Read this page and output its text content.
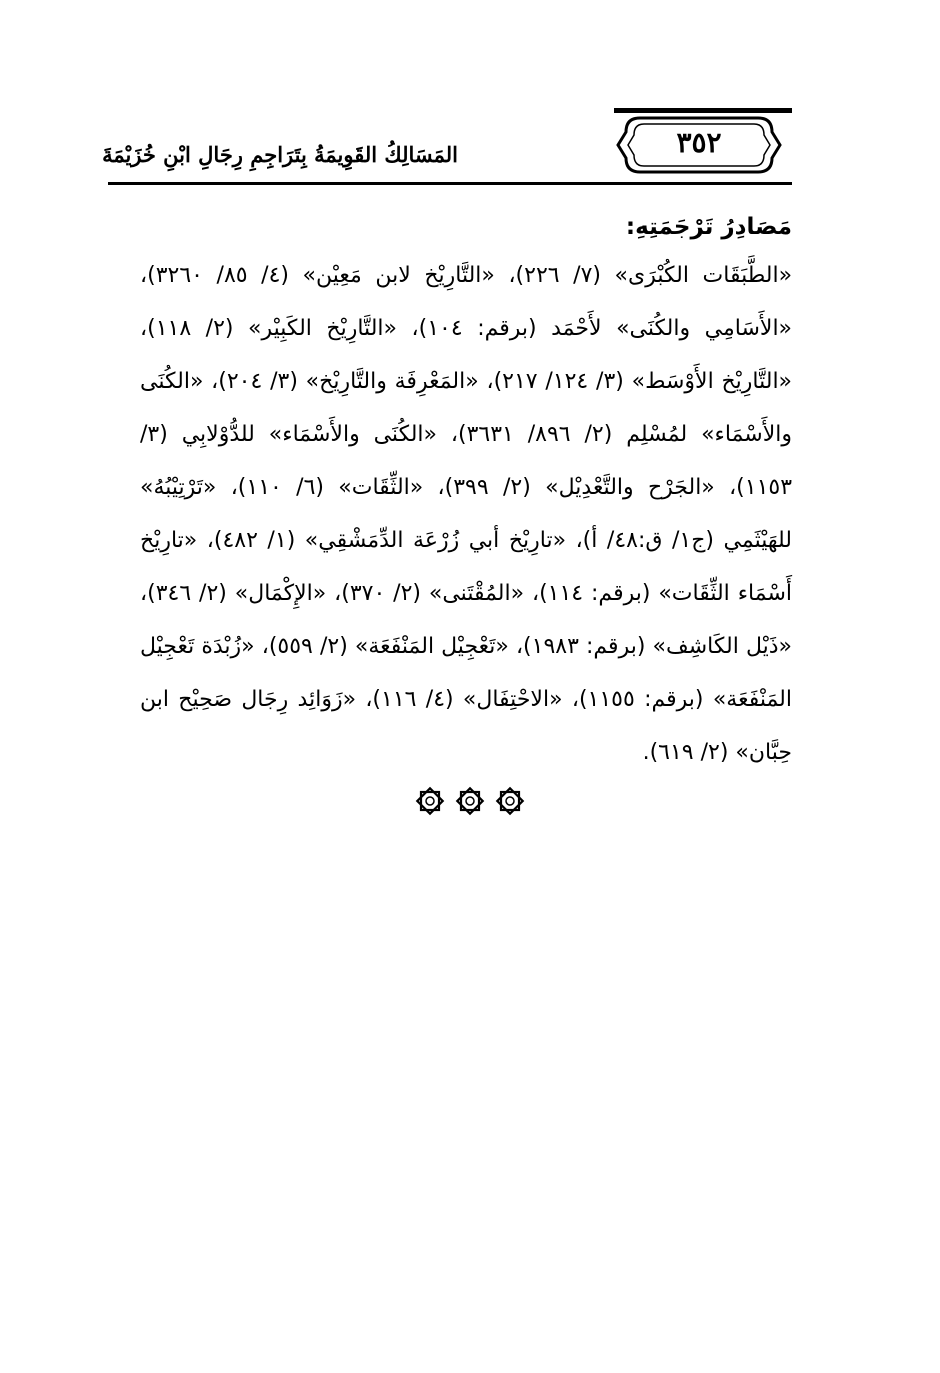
المَسَالِكُ القَوِيمَةُ بِتَرَاجِمِ رِجَالِ ابْنِ خُزَيْمَةَ	٣٥٢
مَصَادِرُ تَرْجَمَتِهِ:

«الطَّبَقَات الكُبْرَى» (٧/ ٢٢٦)، «التَّارِيْخ لابن مَعِيْن» (٤/ ٨٥/ ٣٢٦٠)، «الأَسَامِي والكُنَى» لأَحْمَد (برقم: ١٠٤)، «التَّارِيْخ الكَبِيْر» (٢/ ١١٨)، «التَّارِيْخ الأَوْسَط» (٣/ ١٢٤/ ٢١٧)، «المَعْرِفَة والتَّارِيْخ» (٣/ ٢٠٤)، «الكُنَى والأَسْمَاء» لمُسْلِم (٢/ ٨٩٦/ ٣٦٣١)، «الكُنَى والأَسْمَاء» للدُّوْلابِي (٣/ ١١٥٣)، «الجَرْح والتَّعْدِيْل» (٢/ ٣٩٩)، «الثِّقَات» (٦/ ١١٠)، «تَرْتِيْبُهُ» للهَيْثَمِي (ج١/ ق:٤٨/ أ)، «تارِيْخ أبي زُرْعَة الدِّمَشْقِي» (١/ ٤٨٢)، «تارِيْخ أَسْمَاء الثِّقَات» (برقم: ١١٤)، «المُقْتَنى» (٢/ ٣٧٠)، «الإِكْمَال» (٢/ ٣٤٦)، «ذَيْل الكَاشِف» (برقم: ١٩٨٣)، «تَعْجِيْل المَنْفَعَة» (٢/ ٥٥٩)، «زُبْدَة تَعْجِيْل المَنْفَعَة» (برقم: ١١٥٥)، «الاحْتِفَال» (٤/ ١١٦)، «زَوَائِد رِجَال صَحِيْح ابن حِبَّان» (٢/ ٦١٩).
